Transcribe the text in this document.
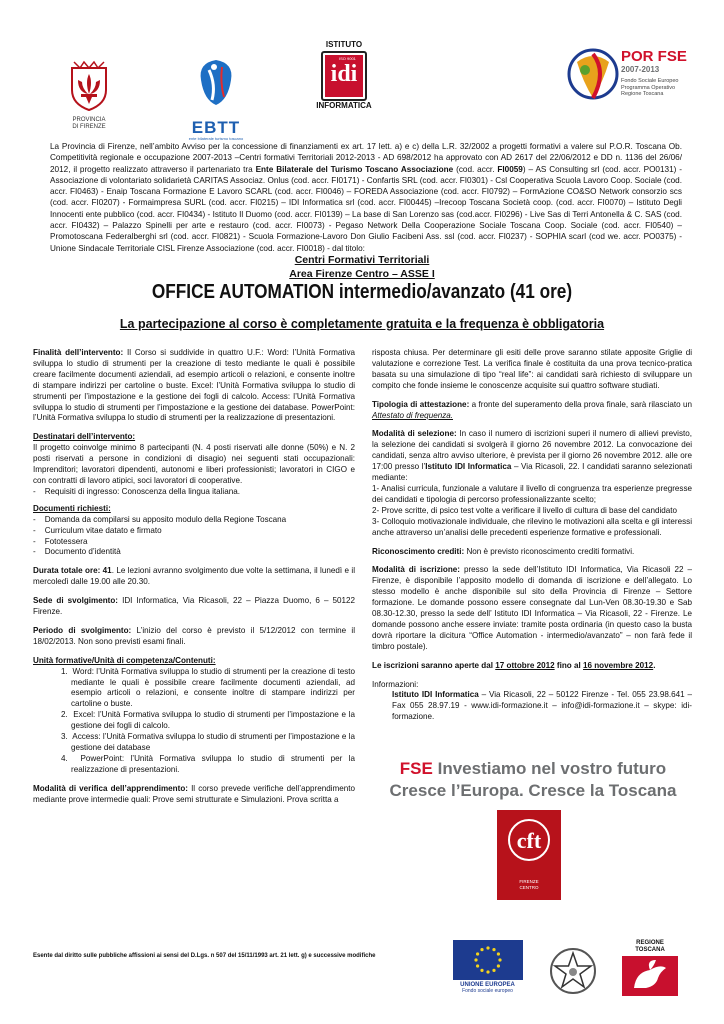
PROVINCIA
DI FIRENZE	EBTT
ente bilaterale turismo toscano
ISTITUTO
idi
ISO 9001
INFORMATICA
POR FSE
2007-2013
Fondo Sociale Europeo
Programma Operativo
Regione Toscana
La Provincia di Firenze, nell’ambito Avviso per la concessione di finanziamenti ex art. 17 lett. a) e c) della L.R. 32/2002 a progetti formativi a valere sul P.O.R. Toscana Ob. Competitività regionale e occupazione 2007-2013 –Centri formativi Territoriali 2012-2013 - AD 698/2012 ha approvato con AD 2617 del 22/06/2012 e DD n. 1136 del 26/06/ 2012, il progetto realizzato attraverso il partenariato tra Ente Bilaterale del Turismo Toscano Associazione (cod. accr. FI0059) – AS Consulting srl (cod. accr. PO0131) - Associazione di volontariato solidarietà CARITAS Associaz. Onlus (cod. accr. FI0171) - Confartis SRL (cod. accr. FI0301) - Csl Cooperativa Scuola Lavoro Coop. Sociale (cod. accr. FI0463) - Enaip Toscana Formazione E Lavoro SCARL (cod. accr. FI0046) – FOREDA Associazione (cod. accr. FI0792) – FormAzione CO&SO Network consorzio scs (cod. accr. FI0207) - Formaimpresa SURL (cod. accr. FI0215) – IDI Informatica srl (cod. accr. FI00445) –Irecoop Toscana Società coop. (cod. accr. FI0070) – Istituto Degli Innocenti ente pubblico (cod. accr. FI0434) - Istituto Il Duomo (cod. accr. FI0139) – La base di San Lorenzo sas (cod.accr. FI0296) - Live Sas di Terri Antonella & C. SAS (cod. accr. FI0432) – Palazzo Spinelli per arte e restauro (cod. accr. FI0073) - Pegaso Network Della Cooperazione Sociale Toscana Coop. Sociale (cod. accr. FI0540) – Promotoscana Federalberghi srl (cod. accr. FI0821) - Scuola Formazione-Lavoro Don Giulio Facibeni Ass. ssl (cod. accr. FI0237) - SOPHIA scarl (cod we. accr. PO0375) - Unione Sindacale Territoriale CISL Firenze Associazione (cod. accr. FI0018) - dal titolo:
Centri Formativi Territoriali
Area Firenze Centro – ASSE I
OFFICE AUTOMATION intermedio/avanzato (41 ore)
La partecipazione al corso è completamente gratuita e la frequenza è obbligatoria

Finalità dell’intervento: Il Corso si suddivide in quattro U.F.: Word: l’Unità Formativa sviluppa lo studio di strumenti per la creazione di testo mediante le quali è possibile creare facilmente documenti aziendali, ad esempio articoli o relazioni, e consente inoltre di stampare indirizzi per cartoline o buste. Excel: l’Unità Formativa sviluppa lo studio di strumenti per l’impostazione e la gestione dei fogli di calcolo. Access: l’Unità Formativa sviluppa lo studio di strumenti per l’impostazione e la gestione dei database. PowerPoint: l’Unità Formativa sviluppa lo studio di strumenti per la realizzazione di presentazioni.

Destinatari dell’intervento:
Il progetto coinvolge minimo 8 partecipanti (N. 4 posti riservati alle donne (50%) e N. 2 posti riservati a persone in condizioni di disagio) nei seguenti stati occupazionali: Imprenditori; lavoratori dipendenti, autonomi e liberi professionisti; lavoratori in CIGO e con contratti di lavoro atipici, soci lavoratori di cooperative.

-    Requisiti di ingresso: Conoscenza della lingua italiana.

Documenti richiesti:

-    Domanda da compilarsi su apposito modulo della Regione Toscana
-    Curriculum vitae datato e firmato
-    Fototessera
-    Documento d’identità

Durata totale ore: 41. Le lezioni avranno svolgimento due volte la settimana, il lunedì e il mercoledì dalle 19.00 alle 20.30.

Sede di svolgimento: IDI Informatica, Via Ricasoli, 22 – Piazza Duomo, 6 – 50122 Firenze.

Periodo di svolgimento: L’inizio del corso è previsto il 5/12/2012 con termine il 18/02/2013. Non sono previsti esami finali.

Unità formative/Unità di competenza/Contenuti:

1.  Word: l’Unità Formativa sviluppa lo studio di strumenti per la creazione di testo mediante le quali è possibile creare facilmente documenti aziendali, ad esempio articoli o relazioni, e consente inoltre di stampare indirizzi per cartoline o buste.
2.  Excel: l’Unità Formativa sviluppa lo studio di strumenti per l’impostazione e la gestione dei fogli di calcolo.
3.  Access: l’Unità Formativa sviluppa lo studio di strumenti per l’impostazione e la gestione dei database
4.  PowerPoint: l’Unità Formativa sviluppa lo studio di strumenti per la realizzazione di presentazioni.

Modalità di verifica dell’apprendimento: Il corso prevede verifiche dell’apprendimento mediante prove intermedie quali: Prove semi strutturate e Simulazioni. Prova scritta a

risposta chiusa. Per determinare gli esiti delle prove saranno stilate apposite Griglie di valutazione e correzione Test. La verifica finale è costituita da una prova tecnico-pratica basata su una simulazione di tipo “real life”: ai candidati sarà richiesto di sviluppare un compito che fonde insieme le conoscenze acquisite sui quattro software studiati.

Tipologia di attestazione: a fronte del superamento della prova finale, sarà rilasciato un Attestato di frequenza.

Modalità di selezione: In caso il numero di iscrizioni superi il numero di allievi previsto, la selezione dei candidati si svolgerà il giorno 26 novembre 2012. La convocazione dei candidati, senza altro avviso ulteriore, è prevista per il giorno 26 novembre 2012. alle ore 17:00 presso l’Istituto IDI Informatica – Via Ricasoli, 22. I candidati saranno selezionati mediante:

1- Analisi curricula, funzionale a valutare il livello di congruenza tra esperienze pregresse dei candidati e tipologia di percorso professionalizzante scelto;
2- Prove scritte, di psico test volte a verificare il livello di cultura di base del candidato
3- Colloquio motivazionale individuale, che rilevino le motivazioni alla scelta e gli interessi anche attraverso un’analisi delle precedenti esperienze formative e professionali.

Riconoscimento crediti: Non è previsto riconoscimento crediti formativi.

Modalità di iscrizione: presso la sede dell’Istituto IDI Informatica, Via Ricasoli 22 – Firenze, è disponibile l’apposito modello di domanda di iscrizione e dell’allegato. Lo stesso modello è anche disponibile sul sito della Provincia di Firenze – Settore formazione. Le domande possono essere consegnate dal Lun-Ven 08.30-19.30 e Sab 08.30-12.30, presso la sede dell’ Istituto IDI Informatica – Via Ricasoli, 22 - Firenze. Le domande possono anche essere inviate: tramite posta ordinaria (in questo caso la busta dovrà riportare la dicitura “Office Automation - intermedio/avanzato” – non farà fede il timbro postale).

Le iscrizioni saranno aperte dal 17 ottobre 2012 fino al 16 novembre 2012.

Informazioni:

Istituto IDI Informatica – Via Ricasoli, 22 – 50122 Firenze - Tel. 055 23.98.641 – Fax 055 28.97.19 - www.idi-formazione.it – info@idi-formazione.it – skype: idi-formazione.

FSE Investiamo nel vostro futuro
Cresce l’Europa. Cresce la Toscana
cft
FIRENZE
CENTRO
Esente dal diritto sulle pubbliche affissioni ai sensi del D.Lgs. n 507 del 15/11/1993 art. 21 lett. g) e successive modifiche
UNIONE EUROPEA
Fondo sociale europeo
REGIONE
TOSCANA
